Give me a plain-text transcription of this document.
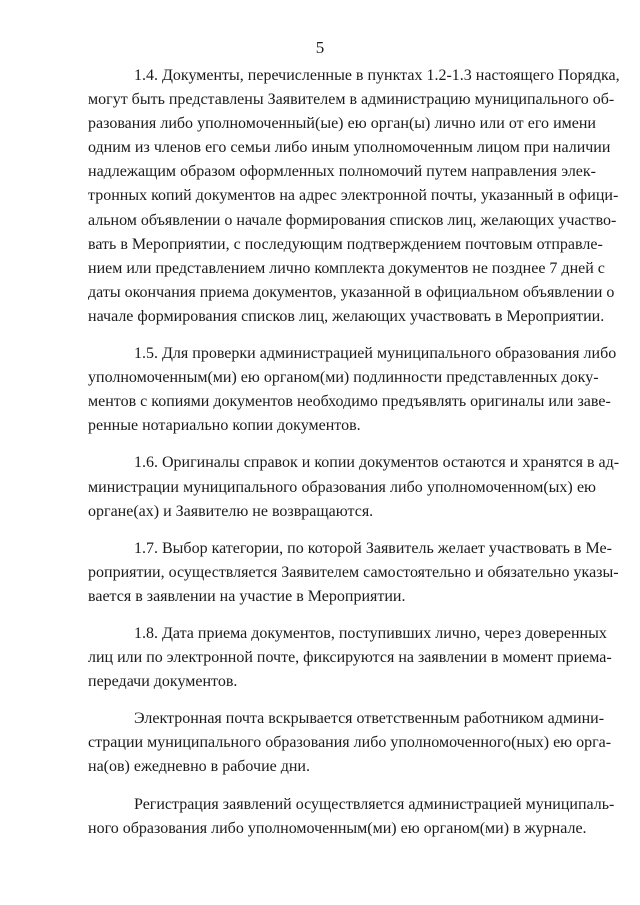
5
1.4. Документы, перечисленные в пунктах 1.2-1.3 настоящего Порядка,
могут быть представлены Заявителем в администрацию муниципального об-
разования либо уполномоченный(ые) ею орган(ы) лично или от его имени
одним из членов его семьи либо иным уполномоченным лицом при наличии
надлежащим образом оформленных полномочий путем направления элек-
тронных копий документов на адрес электронной почты, указанный в офици-
альном объявлении о начале формирования списков лиц, желающих участво-
вать в Мероприятии, с последующим подтверждением почтовым отправле-
нием или представлением лично комплекта документов не позднее 7 дней с
даты окончания приема документов, указанной в официальном объявлении о
начале формирования списков лиц, желающих участвовать в Мероприятии.
1.5. Для проверки администрацией муниципального образования либо
уполномоченным(ми) ею органом(ми) подлинности представленных доку-
ментов с копиями документов необходимо предъявлять оригиналы или заве-
ренные нотариально копии документов.
1.6. Оригиналы справок и копии документов остаются и хранятся в ад-
министрации муниципального образования либо уполномоченном(ых) ею
органе(ах) и Заявителю не возвращаются.
1.7. Выбор категории, по которой Заявитель желает участвовать в Ме-
роприятии, осуществляется Заявителем самостоятельно и обязательно указы-
вается в заявлении на участие в Мероприятии.
1.8. Дата приема документов, поступивших лично, через доверенных
лиц или по электронной почте, фиксируются на заявлении в момент приема-
передачи документов.
Электронная почта вскрывается ответственным работником админи-
страции муниципального образования либо уполномоченного(ных) ею орга-
на(ов) ежедневно в рабочие дни.
Регистрация заявлений осуществляется администрацией муниципаль-
ного образования либо уполномоченным(ми) ею органом(ми) в журнале.
